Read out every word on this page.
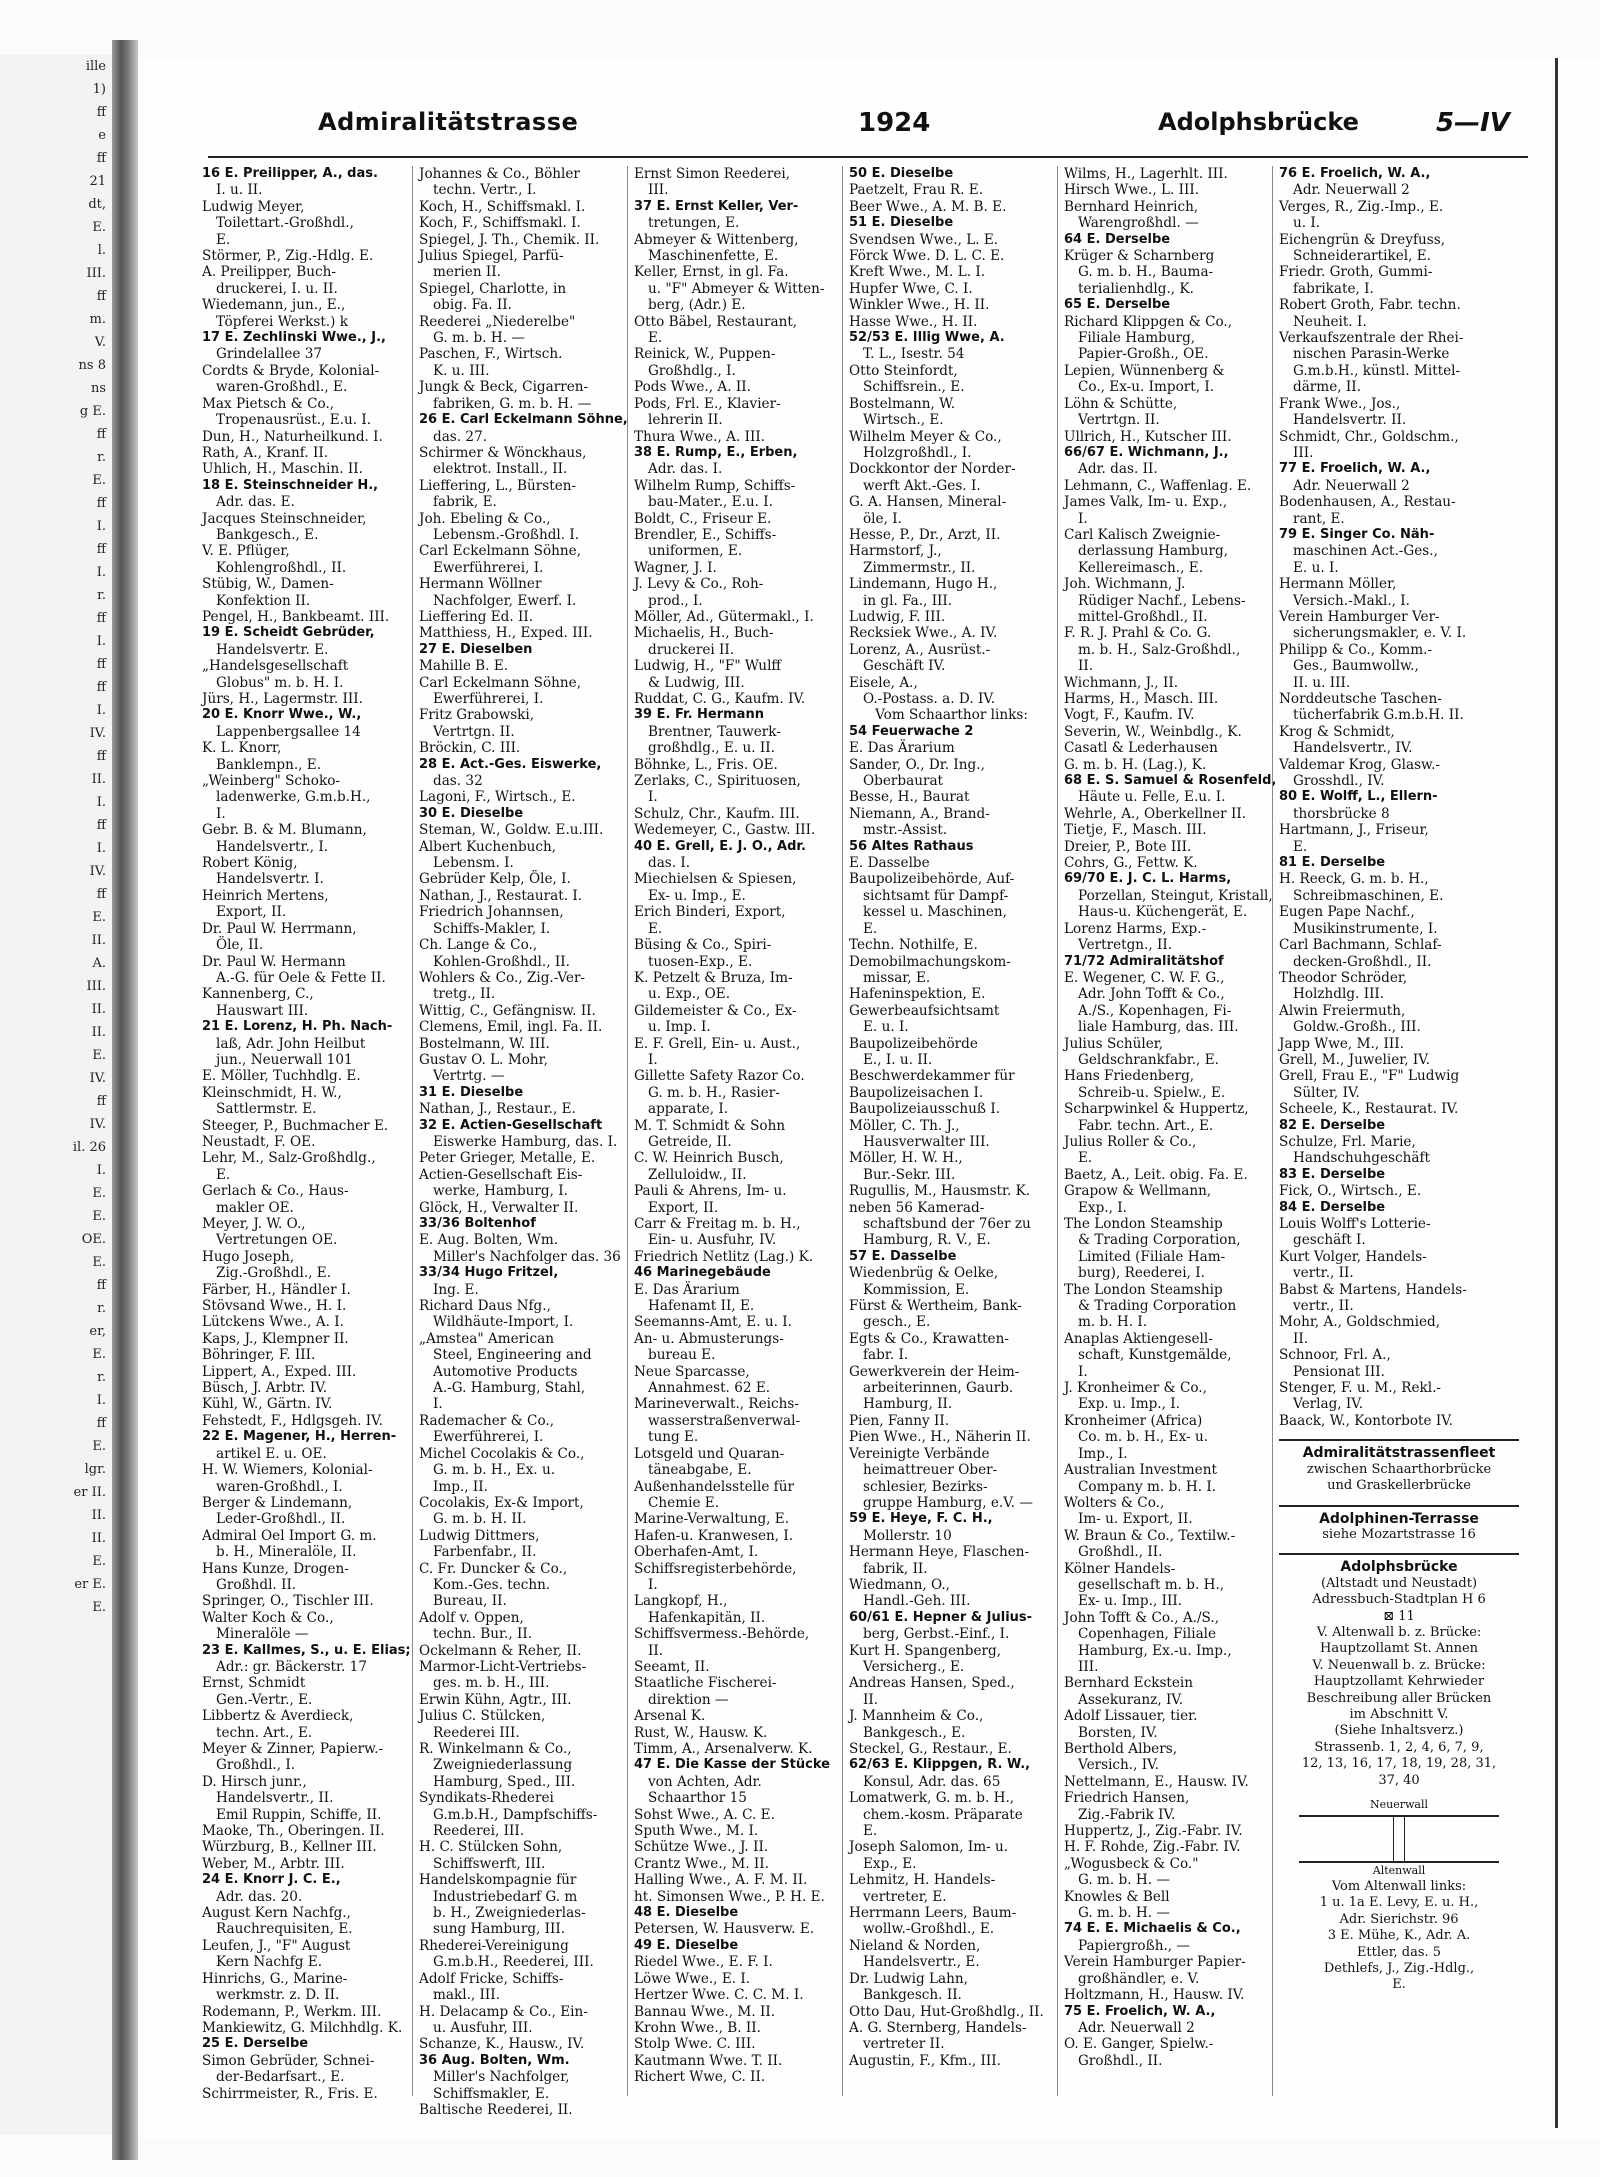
ille
1)
ff
e
ff
21
dt,
E.
l.
III.
ff
m.
V.
ns 8
ns
g E.
ff
r.
E.
ff
I.
ff
I.
r.
ff
I.
ff
ff
I.
IV.
ff
II.
I.
ff
I.
IV.
ff
E.
II.
A.
III.
II.
II.
E.
IV.
ff
IV.
il. 26
I.
E.
E.
OE.
E.
ff
r.
er,
E.
r.
I.
ff
E.
lgr.
er II.
II.
II.
E.
er E.
E.
Admiralitätstrasse	1924	Adolphsbrücke	5—IV
16 E. Preilipper, A., das.
I. u. II.
Ludwig Meyer,
Toilettart.-Großhdl.,
E.
Störmer, P., Zig.-Hdlg. E.
A. Preilipper, Buch-
druckerei, I. u. II.
Wiedemann, jun., E.,
Töpferei Werkst.) k
17 E. Zechlinski Wwe., J.,
Grindelallee 37
Cordts & Bryde, Kolonial-
waren-Großhdl., E.
Max Pietsch & Co.,
Tropenausrüst., E.u. I.
Dun, H., Naturheilkund. I.
Rath, A., Kranf. II.
Uhlich, H., Maschin. II.
18 E. Steinschneider H.,
Adr. das. E.
Jacques Steinschneider,
Bankgesch., E.
V. E. Pflüger,
Kohlengroßhdl., II.
Stübig, W., Damen-
Konfektion II.
Pengel, H., Bankbeamt. III.
19 E. Scheidt Gebrüder,
Handelsvertr. E.
„Handelsgesellschaft
Globus" m. b. H. I.
Jürs, H., Lagermstr. III.
20 E. Knorr Wwe., W.,
Lappenbergsallee 14
K. L. Knorr,
Banklempn., E.
„Weinberg" Schoko-
ladenwerke, G.m.b.H.,
I.
Gebr. B. & M. Blumann,
Handelsvertr., I.
Robert König,
Handelsvertr. I.
Heinrich Mertens,
Export, II.
Dr. Paul W. Herrmann,
Öle, II.
Dr. Paul W. Hermann
A.-G. für Oele & Fette II.
Kannenberg, C.,
Hauswart III.
21 E. Lorenz, H. Ph. Nach-
laß, Adr. John Heilbut
jun., Neuerwall 101
E. Möller, Tuchhdlg. E.
Kleinschmidt, H. W.,
Sattlermstr. E.
Steeger, P., Buchmacher E.
Neustadt, F. OE.
Lehr, M., Salz-Großhdlg.,
E.
Gerlach & Co., Haus-
makler OE.
Meyer, J. W. O.,
Vertretungen OE.
Hugo Joseph,
Zig.-Großhdl., E.
Färber, H., Händler I.
Stövsand Wwe., H. I.
Lütckens Wwe., A. I.
Kaps, J., Klempner II.
Böhringer, F. III.
Lippert, A., Exped. III.
Büsch, J. Arbtr. IV.
Kühl, W., Gärtn. IV.
Fehstedt, F., Hdlgsgeh. IV.
22 E. Magener, H., Herren-
artikel E. u. OE.
H. W. Wiemers, Kolonial-
waren-Großhdl., I.
Berger & Lindemann,
Leder-Großhdl., II.
Admiral Oel Import G. m.
b. H., Mineralöle, II.
Hans Kunze, Drogen-
Großhdl. II.
Springer, O., Tischler III.
Walter Koch & Co.,
Mineralöle —
23 E. Kallmes, S., u. E. Elias;
Adr.: gr. Bäckerstr. 17
Ernst, Schmidt
Gen.-Vertr., E.
Libbertz & Averdieck,
techn. Art., E.
Meyer & Zinner, Papierw.-
Großhdl., I.
D. Hirsch junr.,
Handelsvertr., II.
Emil Ruppin, Schiffe, II.
Maoke, Th., Oberingen. II.
Würzburg, B., Kellner III.
Weber, M., Arbtr. III.
24 E. Knorr J. C. E.,
Adr. das. 20.
August Kern Nachfg.,
Rauchrequisiten, E.
Leufen, J., "F" August
Kern Nachfg E.
Hinrichs, G., Marine-
werkmstr. z. D. II.
Rodemann, P., Werkm. III.
Mankiewitz, G. Milchhdlg. K.
25 E. Derselbe
Simon Gebrüder, Schnei-
der-Bedarfsart., E.
Schirrmeister, R., Fris. E.
Johannes & Co., Böhler
techn. Vertr., I.
Koch, H., Schiffsmakl. I.
Koch, F., Schiffsmakl. I.
Spiegel, J. Th., Chemik. II.
Julius Spiegel, Parfü-
merien II.
Spiegel, Charlotte, in
obig. Fa. II.
Reederei „Niederelbe"
G. m. b. H. —
Paschen, F., Wirtsch.
K. u. III.
Jungk & Beck, Cigarren-
fabriken, G. m. b. H. —
26 E. Carl Eckelmann Söhne,
das. 27.
Schirmer & Wönckhaus,
elektrot. Install., II.
Lieffering, L., Bürsten-
fabrik, E.
Joh. Ebeling & Co.,
Lebensm.-Großhdl. I.
Carl Eckelmann Söhne,
Ewerführerei, I.
Hermann Wöllner
Nachfolger, Ewerf. I.
Lieffering Ed. II.
Matthiess, H., Exped. III.
27 E. Dieselben
Mahille B. E.
Carl Eckelmann Söhne,
Ewerführerei, I.
Fritz Grabowski,
Vertrtgn. II.
Bröckin, C. III.
28 E. Act.-Ges. Eiswerke,
das. 32
Lagoni, F., Wirtsch., E.
30 E. Dieselbe
Steman, W., Goldw. E.u.III.
Albert Kuchenbuch,
Lebensm. I.
Gebrüder Kelp, Öle, I.
Nathan, J., Restaurat. I.
Friedrich Johannsen,
Schiffs-Makler, I.
Ch. Lange & Co.,
Kohlen-Großhdl., II.
Wohlers & Co., Zig.-Ver-
tretg., II.
Wittig, C., Gefängnisw. II.
Clemens, Emil, ingl. Fa. II.
Bostelmann, W. III.
Gustav O. L. Mohr,
Vertrtg. —
31 E. Dieselbe
Nathan, J., Restaur., E.
32 E. Actien-Gesellschaft
Eiswerke Hamburg, das. I.
Peter Grieger, Metalle, E.
Actien-Gesellschaft Eis-
werke, Hamburg, I.
Glöck, H., Verwalter II.
33/36 Boltenhof
E. Aug. Bolten, Wm.
Miller's Nachfolger das. 36
33/34 Hugo Fritzel,
Ing. E.
Richard Daus Nfg.,
Wildhäute-Import, I.
„Amstea" American
Steel, Engineering and
Automotive Products
A.-G. Hamburg, Stahl,
I.
Rademacher & Co.,
Ewerführerei, I.
Michel Cocolakis & Co.,
G. m. b. H., Ex. u.
Imp., II.
Cocolakis, Ex-& Import,
G. m. b. H. II.
Ludwig Dittmers,
Farbenfabr., II.
C. Fr. Duncker & Co.,
Kom.-Ges. techn.
Bureau, II.
Adolf v. Oppen,
techn. Bur., II.
Ockelmann & Reher, II.
Marmor-Licht-Vertriebs-
ges. m. b. H., III.
Erwin Kühn, Agtr., III.
Julius C. Stülcken,
Reederei III.
R. Winkelmann & Co.,
Zweigniederlassung
Hamburg, Sped., III.
Syndikats-Rhederei
G.m.b.H., Dampfschiffs-
Reederei, III.
H. C. Stülcken Sohn,
Schiffswerft, III.
Handelskompagnie für
Industriebedarf G. m
b. H., Zweigniederlas-
sung Hamburg, III.
Rhederei-Vereinigung
G.m.b.H., Reederei, III.
Adolf Fricke, Schiffs-
makl., III.
H. Delacamp & Co., Ein-
u. Ausfuhr, III.
Schanze, K., Hausw., IV.
36 Aug. Bolten, Wm.
Miller's Nachfolger,
Schiffsmakler, E.
Baltische Reederei, II.
Ernst Simon Reederei,
III.
37 E. Ernst Keller, Ver-
tretungen, E.
Abmeyer & Wittenberg,
Maschinenfette, E.
Keller, Ernst, in gl. Fa.
u. "F" Abmeyer & Witten-
berg, (Adr.) E.
Otto Bäbel, Restaurant,
E.
Reinick, W., Puppen-
Großhdlg., I.
Pods Wwe., A. II.
Pods, Frl. E., Klavier-
lehrerin II.
Thura Wwe., A. III.
38 E. Rump, E., Erben,
Adr. das. I.
Wilhelm Rump, Schiffs-
bau-Mater., E.u. I.
Boldt, C., Friseur E.
Brendler, E., Schiffs-
uniformen, E.
Wagner, J. I.
J. Levy & Co., Roh-
prod., I.
Möller, Ad., Gütermakl., I.
Michaelis, H., Buch-
druckerei II.
Ludwig, H., "F" Wulff
& Ludwig, III.
Ruddat, C. G., Kaufm. IV.
39 E. Fr. Hermann
Brentner, Tauwerk-
großhdlg., E. u. II.
Böhnke, L., Fris. OE.
Zerlaks, C., Spirituosen,
I.
Schulz, Chr., Kaufm. III.
Wedemeyer, C., Gastw. III.
40 E. Grell, E. J. O., Adr.
das. I.
Miechielsen & Spiesen,
Ex- u. Imp., E.
Erich Binderi, Export,
E.
Büsing & Co., Spiri-
tuosen-Exp., E.
K. Petzelt & Bruza, Im-
u. Exp., OE.
Gildemeister & Co., Ex-
u. Imp. I.
E. F. Grell, Ein- u. Aust.,
I.
Gillette Safety Razor Co.
G. m. b. H., Rasier-
apparate, I.
M. T. Schmidt & Sohn
Getreide, II.
C. W. Heinrich Busch,
Zelluloidw., II.
Pauli & Ahrens, Im- u.
Export, II.
Carr & Freitag m. b. H.,
Ein- u. Ausfuhr, IV.
Friedrich Netlitz (Lag.) K.
46 Marinegebäude
E. Das Ärarium
Hafenamt II, E.
Seemanns-Amt, E. u. I.
An- u. Abmusterungs-
bureau E.
Neue Sparcasse,
Annahmest. 62 E.
Marineverwalt., Reichs-
wasserstraßenverwal-
tung E.
Lotsgeld und Quaran-
täneabgabe, E.
Außenhandelsstelle für
Chemie E.
Marine-Verwaltung, E.
Hafen-u. Kranwesen, I.
Oberhafen-Amt, I.
Schiffsregisterbehörde,
I.
Langkopf, H.,
Hafenkapitän, II.
Schiffsvermess.-Behörde,
II.
Seeamt, II.
Staatliche Fischerei-
direktion —
Arsenal K.
Rust, W., Hausw. K.
Timm, A., Arsenalverw. K.
47 E. Die Kasse der Stücke
von Achten, Adr.
Schaarthor 15
Sohst Wwe., A. C. E.
Sputh Wwe., M. I.
Schütze Wwe., J. II.
Crantz Wwe., M. II.
Halling Wwe., A. F. M. II.
ht. Simonsen Wwe., P. H. E.
48 E. Dieselbe
Petersen, W. Hausverw. E.
49 E. Dieselbe
Riedel Wwe., E. F. I.
Löwe Wwe., E. I.
Hertzer Wwe. C. C. M. I.
Bannau Wwe., M. II.
Krohn Wwe., B. II.
Stolp Wwe. C. III.
Kautmann Wwe. T. II.
Richert Wwe, C. II.
50 E. Dieselbe
Paetzelt, Frau R. E.
Beer Wwe., A. M. B. E.
51 E. Dieselbe
Svendsen Wwe., L. E.
Förck Wwe. D. L. C. E.
Kreft Wwe., M. L. I.
Hupfer Wwe, C. I.
Winkler Wwe., H. II.
Hasse Wwe., H. II.
52/53 E. Illig Wwe, A.
T. L., Isestr. 54
Otto Steinfordt,
Schiffsrein., E.
Bostelmann, W.
Wirtsch., E.
Wilhelm Meyer & Co.,
Holzgroßhdl., I.
Dockkontor der Norder-
werft Akt.-Ges. I.
G. A. Hansen, Mineral-
öle, I.
Hesse, P., Dr., Arzt, II.
Harmstorf, J.,
Zimmermstr., II.
Lindemann, Hugo H.,
in gl. Fa., III.
Ludwig, F. III.
Recksiek Wwe., A. IV.
Lorenz, A., Ausrüst.-
Geschäft IV.
Eisele, A.,
O.-Postass. a. D. IV.
Vom Schaarthor links:
54 Feuerwache 2
E. Das Ärarium
Sander, O., Dr. Ing.,
Oberbaurat
Besse, H., Baurat
Niemann, A., Brand-
mstr.-Assist.
56 Altes Rathaus
E. Dasselbe
Baupolizeibehörde, Auf-
sichtsamt für Dampf-
kessel u. Maschinen,
E.
Techn. Nothilfe, E.
Demobilmachungskom-
missar, E.
Hafeninspektion, E.
Gewerbeaufsichtsamt
E. u. I.
Baupolizeibehörde
E., I. u. II.
Beschwerdekammer für
Baupolizeisachen I.
Baupolizeiausschuß I.
Möller, C. Th. J.,
Hausverwalter III.
Möller, H. W. H.,
Bur.-Sekr. III.
Rugullis, M., Hausmstr. K.
neben 56 Kamerad-
schaftsbund der 76er zu
Hamburg, R. V., E.
57 E. Dasselbe
Wiedenbrüg & Oelke,
Kommission, E.
Fürst & Wertheim, Bank-
gesch., E.
Egts & Co., Krawatten-
fabr. I.
Gewerkverein der Heim-
arbeiterinnen, Gaurb.
Hamburg, II.
Pien, Fanny II.
Pien Wwe., H., Näherin II.
Vereinigte Verbände
heimattreuer Ober-
schlesier, Bezirks-
gruppe Hamburg, e.V. —
59 E. Heye, F. C. H.,
Mollerstr. 10
Hermann Heye, Flaschen-
fabrik, II.
Wiedmann, O.,
Handl.-Geh. III.
60/61 E. Hepner & Julius-
berg, Gerbst.-Einf., I.
Kurt H. Spangenberg,
Versicherg., E.
Andreas Hansen, Sped.,
II.
J. Mannheim & Co.,
Bankgesch., E.
Steckel, G., Restaur., E.
62/63 E. Klippgen, R. W.,
Konsul, Adr. das. 65
Lomatwerk, G. m. b. H.,
chem.-kosm. Präparate
E.
Joseph Salomon, Im- u.
Exp., E.
Lehmitz, H. Handels-
vertreter, E.
Herrmann Leers, Baum-
wollw.-Großhdl., E.
Nieland & Norden,
Handelsvertr., E.
Dr. Ludwig Lahn,
Bankgesch. II.
Otto Dau, Hut-Großhdlg., II.
A. G. Sternberg, Handels-
vertreter II.
Augustin, F., Kfm., III.
Wilms, H., Lagerhlt. III.
Hirsch Wwe., L. III.
Bernhard Heinrich,
Warengroßhdl. —
64 E. Derselbe
Krüger & Scharnberg
G. m. b. H., Bauma-
terialienhdlg., K.
65 E. Derselbe
Richard Klippgen & Co.,
Filiale Hamburg,
Papier-Großh., OE.
Lepien, Wünnenberg &
Co., Ex-u. Import, I.
Löhn & Schütte,
Vertrtgn. II.
Ullrich, H., Kutscher III.
66/67 E. Wichmann, J.,
Adr. das. II.
Lehmann, C., Waffenlag. E.
James Valk, Im- u. Exp.,
I.
Carl Kalisch Zweignie-
derlassung Hamburg,
Kellereimasch., E.
Joh. Wichmann, J.
Rüdiger Nachf., Lebens-
mittel-Großhdl., II.
F. R. J. Prahl & Co. G.
m. b. H., Salz-Großhdl.,
II.
Wichmann, J., II.
Harms, H., Masch. III.
Vogt, F., Kaufm. IV.
Severin, W., Weinbdlg., K.
Casatl & Lederhausen
G. m. b. H. (Lag.), K.
68 E. S. Samuel & Rosenfeld,
Häute u. Felle, E.u. I.
Wehrle, A., Oberkellner II.
Tietje, F., Masch. III.
Dreier, P., Bote III.
Cohrs, G., Fettw. K.
69/70 E. J. C. L. Harms,
Porzellan, Steingut, Kristall,
Haus-u. Küchengerät, E.
Lorenz Harms, Exp.-
Vertretgn., II.
71/72 Admiralitätshof
E. Wegener, C. W. F. G.,
Adr. John Tofft & Co.,
A./S., Kopenhagen, Fi-
liale Hamburg, das. III.
Julius Schüler,
Geldschrankfabr., E.
Hans Friedenberg,
Schreib-u. Spielw., E.
Scharpwinkel & Huppertz,
Fabr. techn. Art., E.
Julius Roller & Co.,
E.
Baetz, A., Leit. obig. Fa. E.
Grapow & Wellmann,
Exp., I.
The London Steamship
& Trading Corporation,
Limited (Filiale Ham-
burg), Reederei, I.
The London Steamship
& Trading Corporation
m. b. H. I.
Anaplas Aktiengesell-
schaft, Kunstgemälde,
I.
J. Kronheimer & Co.,
Exp. u. Imp., I.
Kronheimer (Africa)
Co. m. b. H., Ex- u.
Imp., I.
Australian Investment
Company m. b. H. I.
Wolters & Co.,
Im- u. Export, II.
W. Braun & Co., Textilw.-
Großhdl., II.
Kölner Handels-
gesellschaft m. b. H.,
Ex- u. Imp., III.
John Tofft & Co., A./S.,
Copenhagen, Filiale
Hamburg, Ex.-u. Imp.,
III.
Bernhard Eckstein
Assekuranz, IV.
Adolf Lissauer, tier.
Borsten, IV.
Berthold Albers,
Versich., IV.
Nettelmann, E., Hausw. IV.
Friedrich Hansen,
Zig.-Fabrik IV.
Huppertz, J., Zig.-Fabr. IV.
H. F. Rohde, Zig.-Fabr. IV.
„Wogusbeck & Co."
G. m. b. H. —
Knowles & Bell
G. m. b. H. —
74 E. E. Michaelis & Co.,
Papiergroßh., —
Verein Hamburger Papier-
großhändler, e. V.
Holtzmann, H., Hausw. IV.
75 E. Froelich, W. A.,
Adr. Neuerwall 2
O. E. Ganger, Spielw.-
Großhdl., II.
76 E. Froelich, W. A.,
Adr. Neuerwall 2
Verges, R., Zig.-Imp., E.
u. I.
Eichengrün & Dreyfuss,
Schneiderartikel, E.
Friedr. Groth, Gummi-
fabrikate, I.
Robert Groth, Fabr. techn.
Neuheit. I.
Verkaufszentrale der Rhei-
nischen Parasin-Werke
G.m.b.H., künstl. Mittel-
därme, II.
Frank Wwe., Jos.,
Handelsvertr. II.
Schmidt, Chr., Goldschm.,
III.
77 E. Froelich, W. A.,
Adr. Neuerwall 2
Bodenhausen, A., Restau-
rant, E.
79 E. Singer Co. Näh-
maschinen Act.-Ges.,
E. u. I.
Hermann Möller,
Versich.-Makl., I.
Verein Hamburger Ver-
sicherungsmakler, e. V. I.
Philipp & Co., Komm.-
Ges., Baumwollw.,
II. u. III.
Norddeutsche Taschen-
tücherfabrik G.m.b.H. II.
Krog & Schmidt,
Handelsvertr., IV.
Valdemar Krog, Glasw.-
Grosshdl., IV.
80 E. Wolff, L., Ellern-
thorsbrücke 8
Hartmann, J., Friseur,
E.
81 E. Derselbe
H. Reeck, G. m. b. H.,
Schreibmaschinen, E.
Eugen Pape Nachf.,
Musikinstrumente, I.
Carl Bachmann, Schlaf-
decken-Großhdl., II.
Theodor Schröder,
Holzhdlg. III.
Alwin Freiermuth,
Goldw.-Großh., III.
Japp Wwe, M., III.
Grell, M., Juwelier, IV.
Grell, Frau E., "F" Ludwig
Sülter, IV.
Scheele, K., Restaurat. IV.
82 E. Derselbe
Schulze, Frl. Marie,
Handschuhgeschäft
83 E. Derselbe
Fick, O., Wirtsch., E.
84 E. Derselbe
Louis Wolff's Lotterie-
geschäft I.
Kurt Volger, Handels-
vertr., II.
Babst & Martens, Handels-
vertr., II.
Mohr, A., Goldschmied,
II.
Schnoor, Frl. A.,
Pensionat III.
Stenger, F. u. M., Rekl.-
Verlag, IV.
Baack, W., Kontorbote IV.
Admiralitätstrassenfleet
zwischen Schaarthorbrücke
und Graskellerbrücke
Adolphinen-Terrasse
siehe Mozartstrasse 16
Adolphsbrücke
(Altstadt und Neustadt)
Adressbuch-Stadtplan H 6
⊠ 11
V. Altenwall b. z. Brücke:
Hauptzollamt St. Annen
V. Neuenwall b. z. Brücke:
Hauptzollamt Kehrwieder
Beschreibung aller Brücken
im Abschnitt V.
(Siehe Inhaltsverz.)
Strassenb. 1, 2, 4, 6, 7, 9,
12, 13, 16, 17, 18, 19, 28, 31,
37, 40
Neuerwall
Altenwall
Vom Altenwall links:
1 u. 1a E. Levy, E. u. H.,
Adr. Sierichstr. 96
3 E. Mühe, K., Adr. A.
Ettler, das. 5
Dethlefs, J., Zig.-Hdlg.,
E.
